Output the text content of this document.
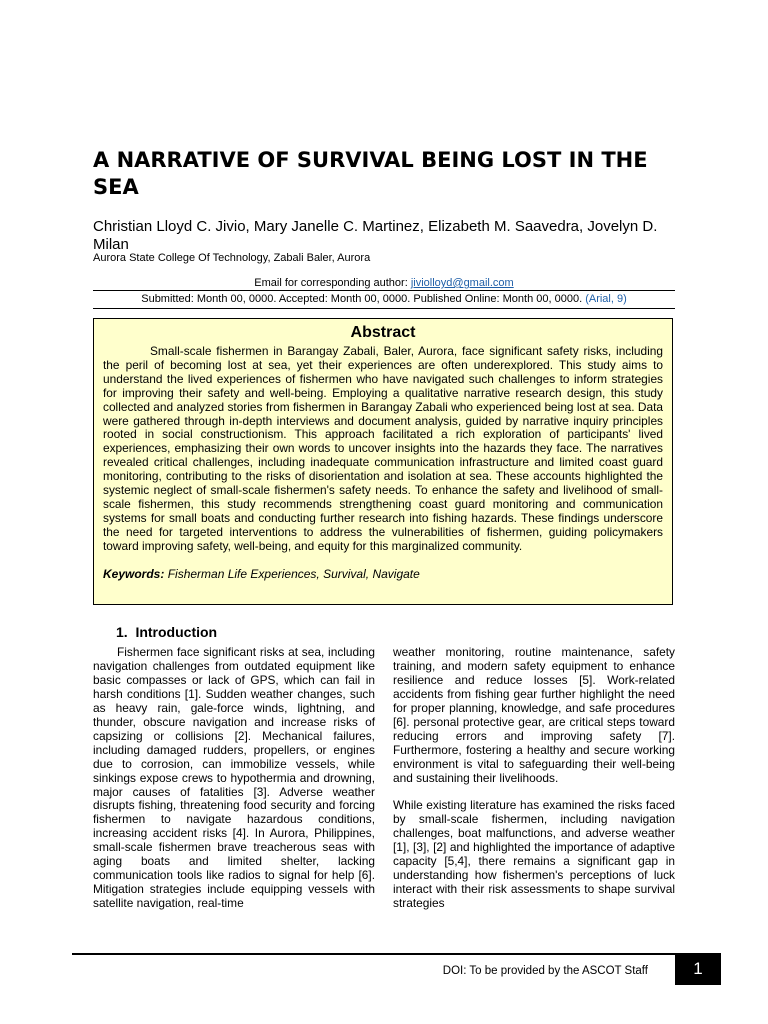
A NARRATIVE OF SURVIVAL BEING LOST IN THE SEA

Christian Lloyd C. Jivio, Mary Janelle C. Martinez, Elizabeth M. Saavedra, Jovelyn D. Milan

Aurora State College Of Technology, Zabali Baler, Aurora

Email for corresponding author: jiviolloyd@gmail.com
Submitted: Month 00, 0000. Accepted: Month 00, 0000. Published Online: Month 00, 0000. (Arial, 9)

Abstract

Small-scale fishermen in Barangay Zabali, Baler, Aurora, face significant safety risks, including the peril of becoming lost at sea, yet their experiences are often underexplored. This study aims to understand the lived experiences of fishermen who have navigated such challenges to inform strategies for improving their safety and well-being. Employing a qualitative narrative research design, this study collected and analyzed stories from fishermen in Barangay Zabali who experienced being lost at sea. Data were gathered through in-depth interviews and document analysis, guided by narrative inquiry principles rooted in social constructionism. This approach facilitated a rich exploration of participants' lived experiences, emphasizing their own words to uncover insights into the hazards they face. The narratives revealed critical challenges, including inadequate communication infrastructure and limited coast guard monitoring, contributing to the risks of disorientation and isolation at sea. These accounts highlighted the systemic neglect of small-scale fishermen's safety needs. To enhance the safety and livelihood of small-scale fishermen, this study recommends strengthening coast guard monitoring and communication systems for small boats and conducting further research into fishing hazards. These findings underscore the need for targeted interventions to address the vulnerabilities of fishermen, guiding policymakers toward improving safety, well-being, and equity for this marginalized community.

Keywords: Fisherman Life Experiences, Survival, Navigate

1.  Introduction

Fishermen face significant risks at sea, including navigation challenges from outdated equipment like basic compasses or lack of GPS, which can fail in harsh conditions [1]. Sudden weather changes, such as heavy rain, gale-force winds, lightning, and thunder, obscure navigation and increase risks of capsizing or collisions [2]. Mechanical failures, including damaged rudders, propellers, or engines due to corrosion, can immobilize vessels, while sinkings expose crews to hypothermia and drowning, major causes of fatalities [3]. Adverse weather disrupts fishing, threatening food security and forcing fishermen to navigate hazardous conditions, increasing accident risks [4]. In Aurora, Philippines, small-scale fishermen brave treacherous seas with aging boats and limited shelter, lacking communication tools like radios to signal for help [6]. Mitigation strategies include equipping vessels with satellite navigation, real-time

weather monitoring, routine maintenance, safety training, and modern safety equipment to enhance resilience and reduce losses [5]. Work-related accidents from fishing gear further highlight the need for proper planning, knowledge, and safe procedures [6]. personal protective gear, are critical steps toward reducing errors and improving safety [7]. Furthermore, fostering a healthy and secure working environment is vital to safeguarding their well-being and sustaining their livelihoods.

While existing literature has examined the risks faced by small-scale fishermen, including navigation challenges, boat malfunctions, and adverse weather [1], [3], [2] and highlighted the importance of adaptive capacity [5,4], there remains a significant gap in understanding how fishermen's perceptions of luck interact with their risk assessments to shape survival strategies

DOI: To be provided by the ASCOT Staff	1
